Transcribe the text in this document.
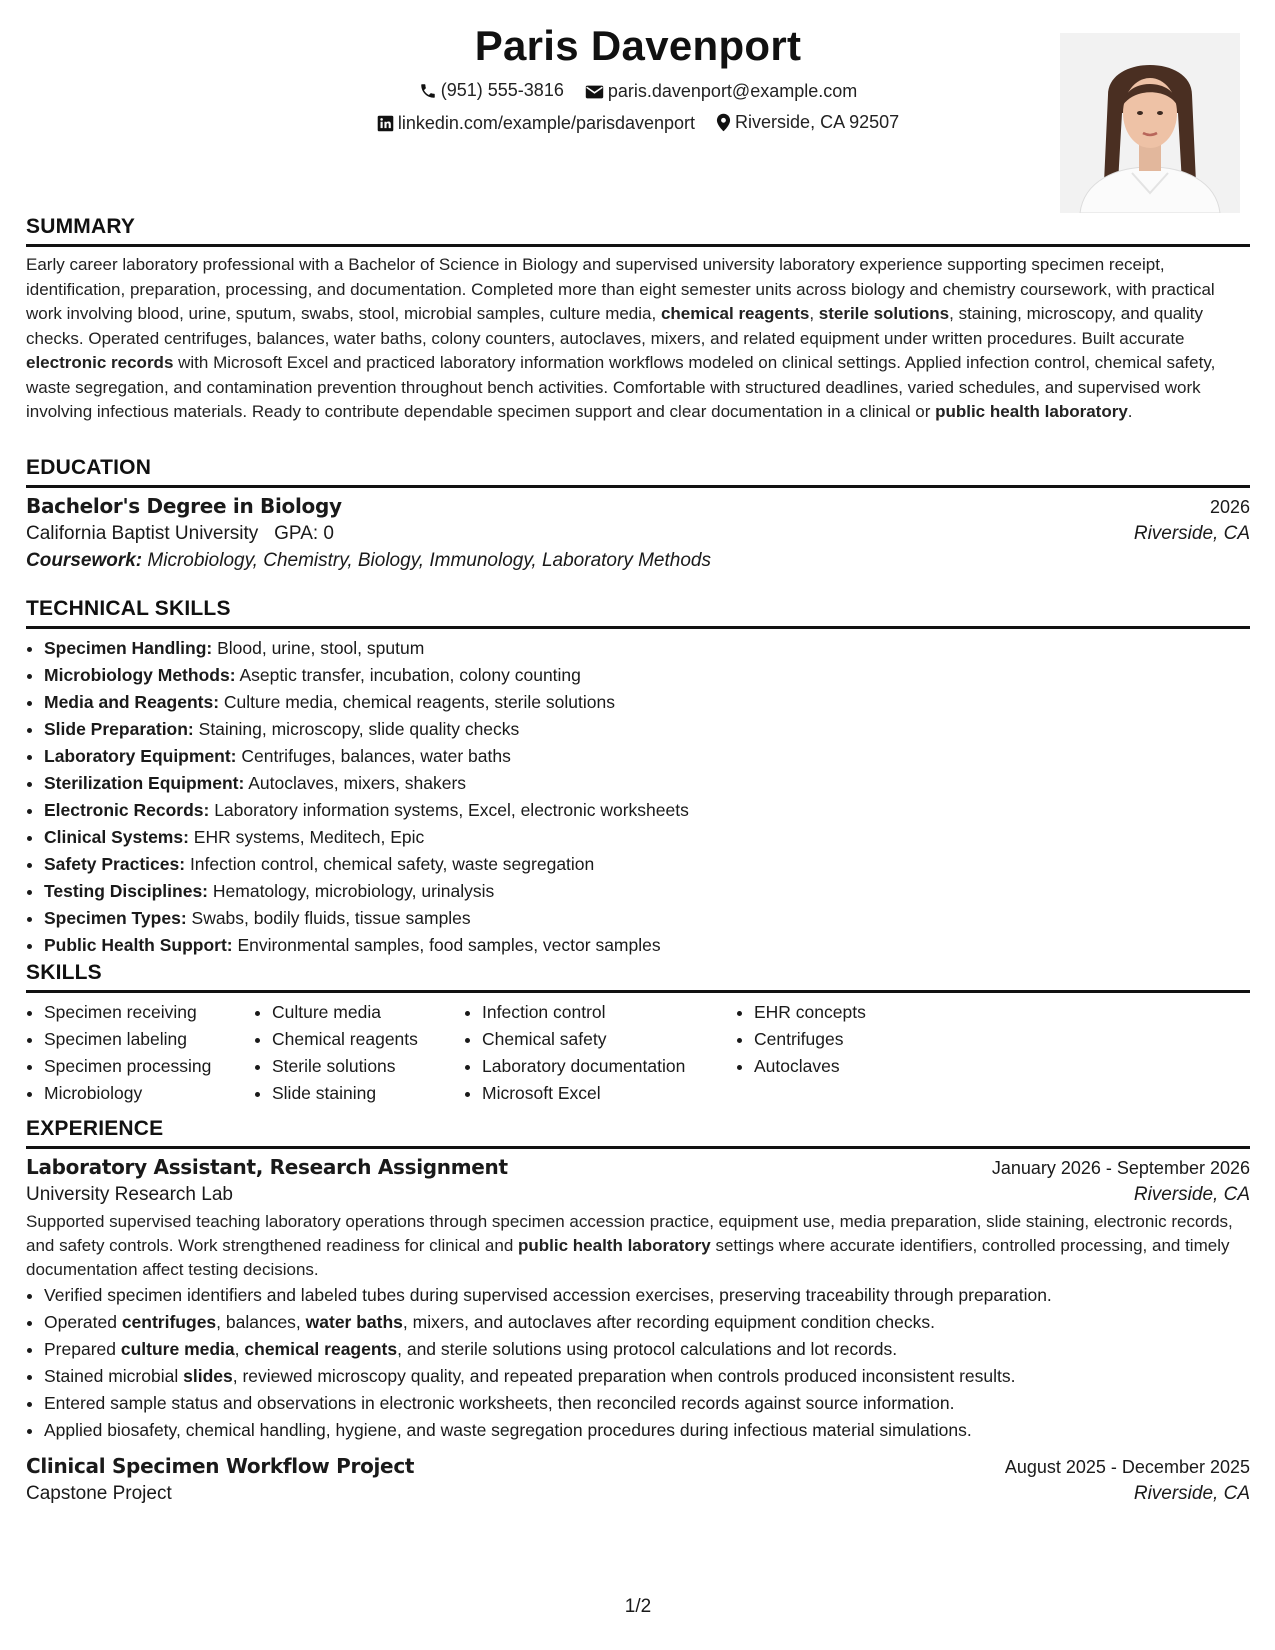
Paris Davenport
(951) 555-3816
paris.davenport@example.com
linkedin.com/example/parisdavenport
Riverside, CA 92507
SUMMARY
Early career laboratory professional with a Bachelor of Science in Biology and supervised university laboratory experience supporting specimen receipt, identification, preparation, processing, and documentation. Completed more than eight semester units across biology and chemistry coursework, with practical work involving blood, urine, sputum, swabs, stool, microbial samples, culture media, chemical reagents, sterile solutions, staining, microscopy, and quality checks. Operated centrifuges, balances, water baths, colony counters, autoclaves, mixers, and related equipment under written procedures. Built accurate electronic records with Microsoft Excel and practiced laboratory information workflows modeled on clinical settings. Applied infection control, chemical safety, waste segregation, and contamination prevention throughout bench activities. Comfortable with structured deadlines, varied schedules, and supervised work involving infectious materials. Ready to contribute dependable specimen support and clear documentation in a clinical or public health laboratory.
EDUCATION
Bachelor's Degree in Biology	2026
California Baptist University GPA: 0	Riverside, CA
Coursework: Microbiology, Chemistry, Biology, Immunology, Laboratory Methods
TECHNICAL SKILLS
• Specimen Handling: Blood, urine, stool, sputum
• Microbiology Methods: Aseptic transfer, incubation, colony counting
• Media and Reagents: Culture media, chemical reagents, sterile solutions
• Slide Preparation: Staining, microscopy, slide quality checks
• Laboratory Equipment: Centrifuges, balances, water baths
• Sterilization Equipment: Autoclaves, mixers, shakers
• Electronic Records: Laboratory information systems, Excel, electronic worksheets
• Clinical Systems: EHR systems, Meditech, Epic
• Safety Practices: Infection control, chemical safety, waste segregation
• Testing Disciplines: Hematology, microbiology, urinalysis
• Specimen Types: Swabs, bodily fluids, tissue samples
• Public Health Support: Environmental samples, food samples, vector samples
SKILLS
• Specimen receiving
• Specimen labeling
• Specimen processing
• Microbiology
• Culture media
• Chemical reagents
• Sterile solutions
• Slide staining
• Infection control
• Chemical safety
• Laboratory documentation
• Microsoft Excel
• EHR concepts
• Centrifuges
• Autoclaves
EXPERIENCE
Laboratory Assistant, Research Assignment	January 2026 - September 2026
University Research Lab	Riverside, CA
Supported supervised teaching laboratory operations through specimen accession practice, equipment use, media preparation, slide staining, electronic records, and safety controls. Work strengthened readiness for clinical and public health laboratory settings where accurate identifiers, controlled processing, and timely documentation affect testing decisions.
• Verified specimen identifiers and labeled tubes during supervised accession exercises, preserving traceability through preparation.
• Operated centrifuges, balances, water baths, mixers, and autoclaves after recording equipment condition checks.
• Prepared culture media, chemical reagents, and sterile solutions using protocol calculations and lot records.
• Stained microbial slides, reviewed microscopy quality, and repeated preparation when controls produced inconsistent results.
• Entered sample status and observations in electronic worksheets, then reconciled records against source information.
• Applied biosafety, chemical handling, hygiene, and waste segregation procedures during infectious material simulations.
Clinical Specimen Workflow Project	August 2025 - December 2025
Capstone Project	Riverside, CA
1/2
